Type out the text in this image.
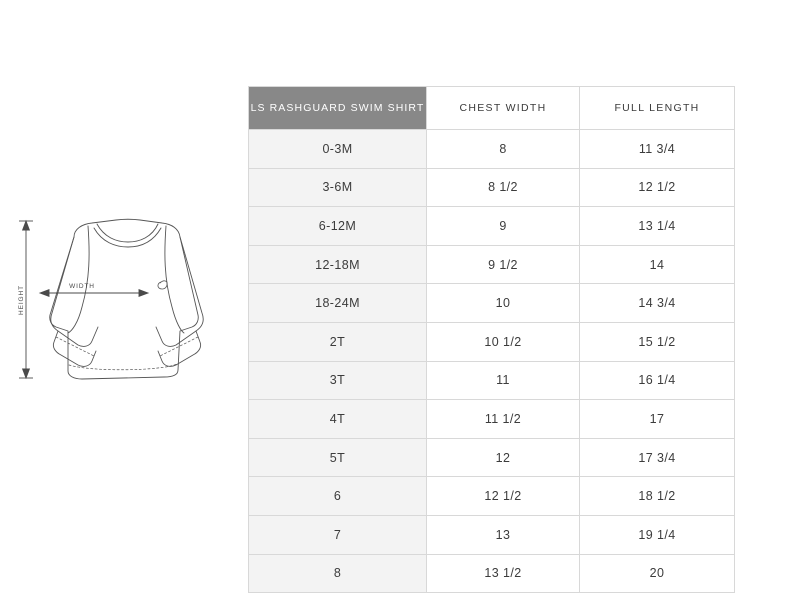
HEIGHT	WIDTH
LS RASHGUARD SWIM SHIRT	CHEST WIDTH	FULL LENGTH
0-3M	8	11 3/4
3-6M	8 1/2	12 1/2
6-12M	9	13 1/4
12-18M	9 1/2	14
18-24M	10	14 3/4
2T	10 1/2	15 1/2
3T	11	16 1/4
4T	11 1/2	17
5T	12	17 3/4
6	12 1/2	18 1/2
7	13	19 1/4
8	13 1/2	20
